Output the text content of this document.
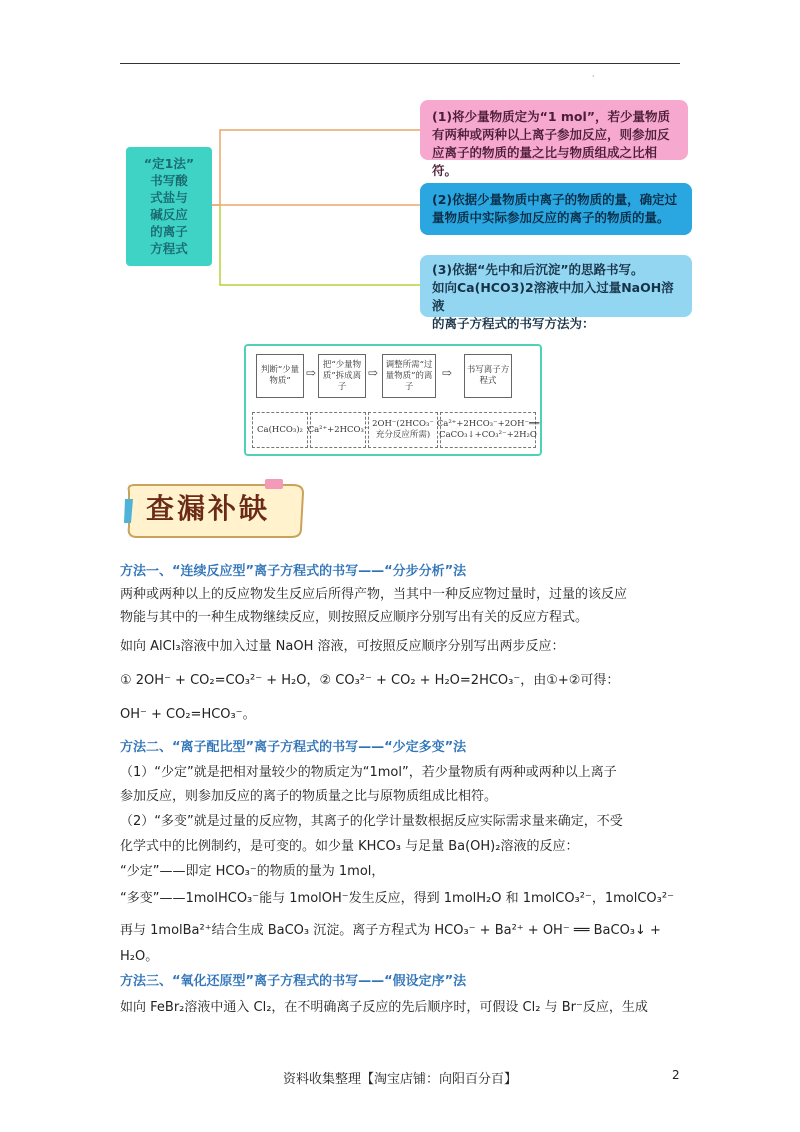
·
“定1法”
书写酸
式盐与
碱反应
的离子
方程式
(1)将少量物质定为“1 mol”，若少量物质有两种或两种以上离子参加反应，则参加反应离子的物质的量之比与物质组成之比相符。
(2)依据少量物质中离子的物质的量，确定过量物质中实际参加反应的离子的物质的量。
(3)依据“先中和后沉淀”的思路书写。
如向Ca(HCO3)2溶液中加入过量NaOH溶液
的离子方程式的书写方法为：
判断“少量物质”
⇨
把“少量物质”拆成离子
⇨
调整所需“过量物质”的离子
⇨	书写离子方程式
Ca(HCO₃)₂ Ca²⁺+2HCO₃⁻
2OH⁻(2HCO₃⁻充分反应所需)
Ca²⁺+2HCO₃⁻+2OH⁻══
CaCO₃↓+CO₃²⁻+2H₂O
查漏补缺
方法一、“连续反应型”离子方程式的书写——“分步分析”法
两种或两种以上的反应物发生反应后所得产物，当其中一种反应物过量时，过量的该反应
物能与其中的一种生成物继续反应，则按照反应顺序分别写出有关的反应方程式。
如向 AlCl₃溶液中加入过量 NaOH 溶液，可按照反应顺序分别写出两步反应：
① 2OH⁻ + CO₂=CO₃²⁻ + H₂O，② CO₃²⁻ + CO₂ + H₂O=2HCO₃⁻，由①+②可得：
OH⁻ + CO₂=HCO₃⁻。
方法二、“离子配比型”离子方程式的书写——“少定多变”法
（1）“少定”就是把相对量较少的物质定为“1mol”，若少量物质有两种或两种以上离子
参加反应，则参加反应的离子的物质量之比与原物质组成比相符。
（2）“多变”就是过量的反应物，其离子的化学计量数根据反应实际需求量来确定，不受
化学式中的比例制约，是可变的。如少量 KHCO₃ 与足量 Ba(OH)₂溶液的反应：
“少定”——即定 HCO₃⁻的物质的量为 1mol，
“多变”——1molHCO₃⁻能与 1molOH⁻发生反应，得到 1molH₂O 和 1molCO₃²⁻，1molCO₃²⁻
再与 1molBa²⁺结合生成 BaCO₃ 沉淀。离子方程式为 HCO₃⁻ + Ba²⁺ + OH⁻ ══ BaCO₃↓ +
H₂O。
方法三、“氧化还原型”离子方程式的书写——“假设定序”法
如向 FeBr₂溶液中通入 Cl₂，在不明确离子反应的先后顺序时，可假设 Cl₂ 与 Br⁻反应，生成
资料收集整理【淘宝店铺：向阳百分百】	2
